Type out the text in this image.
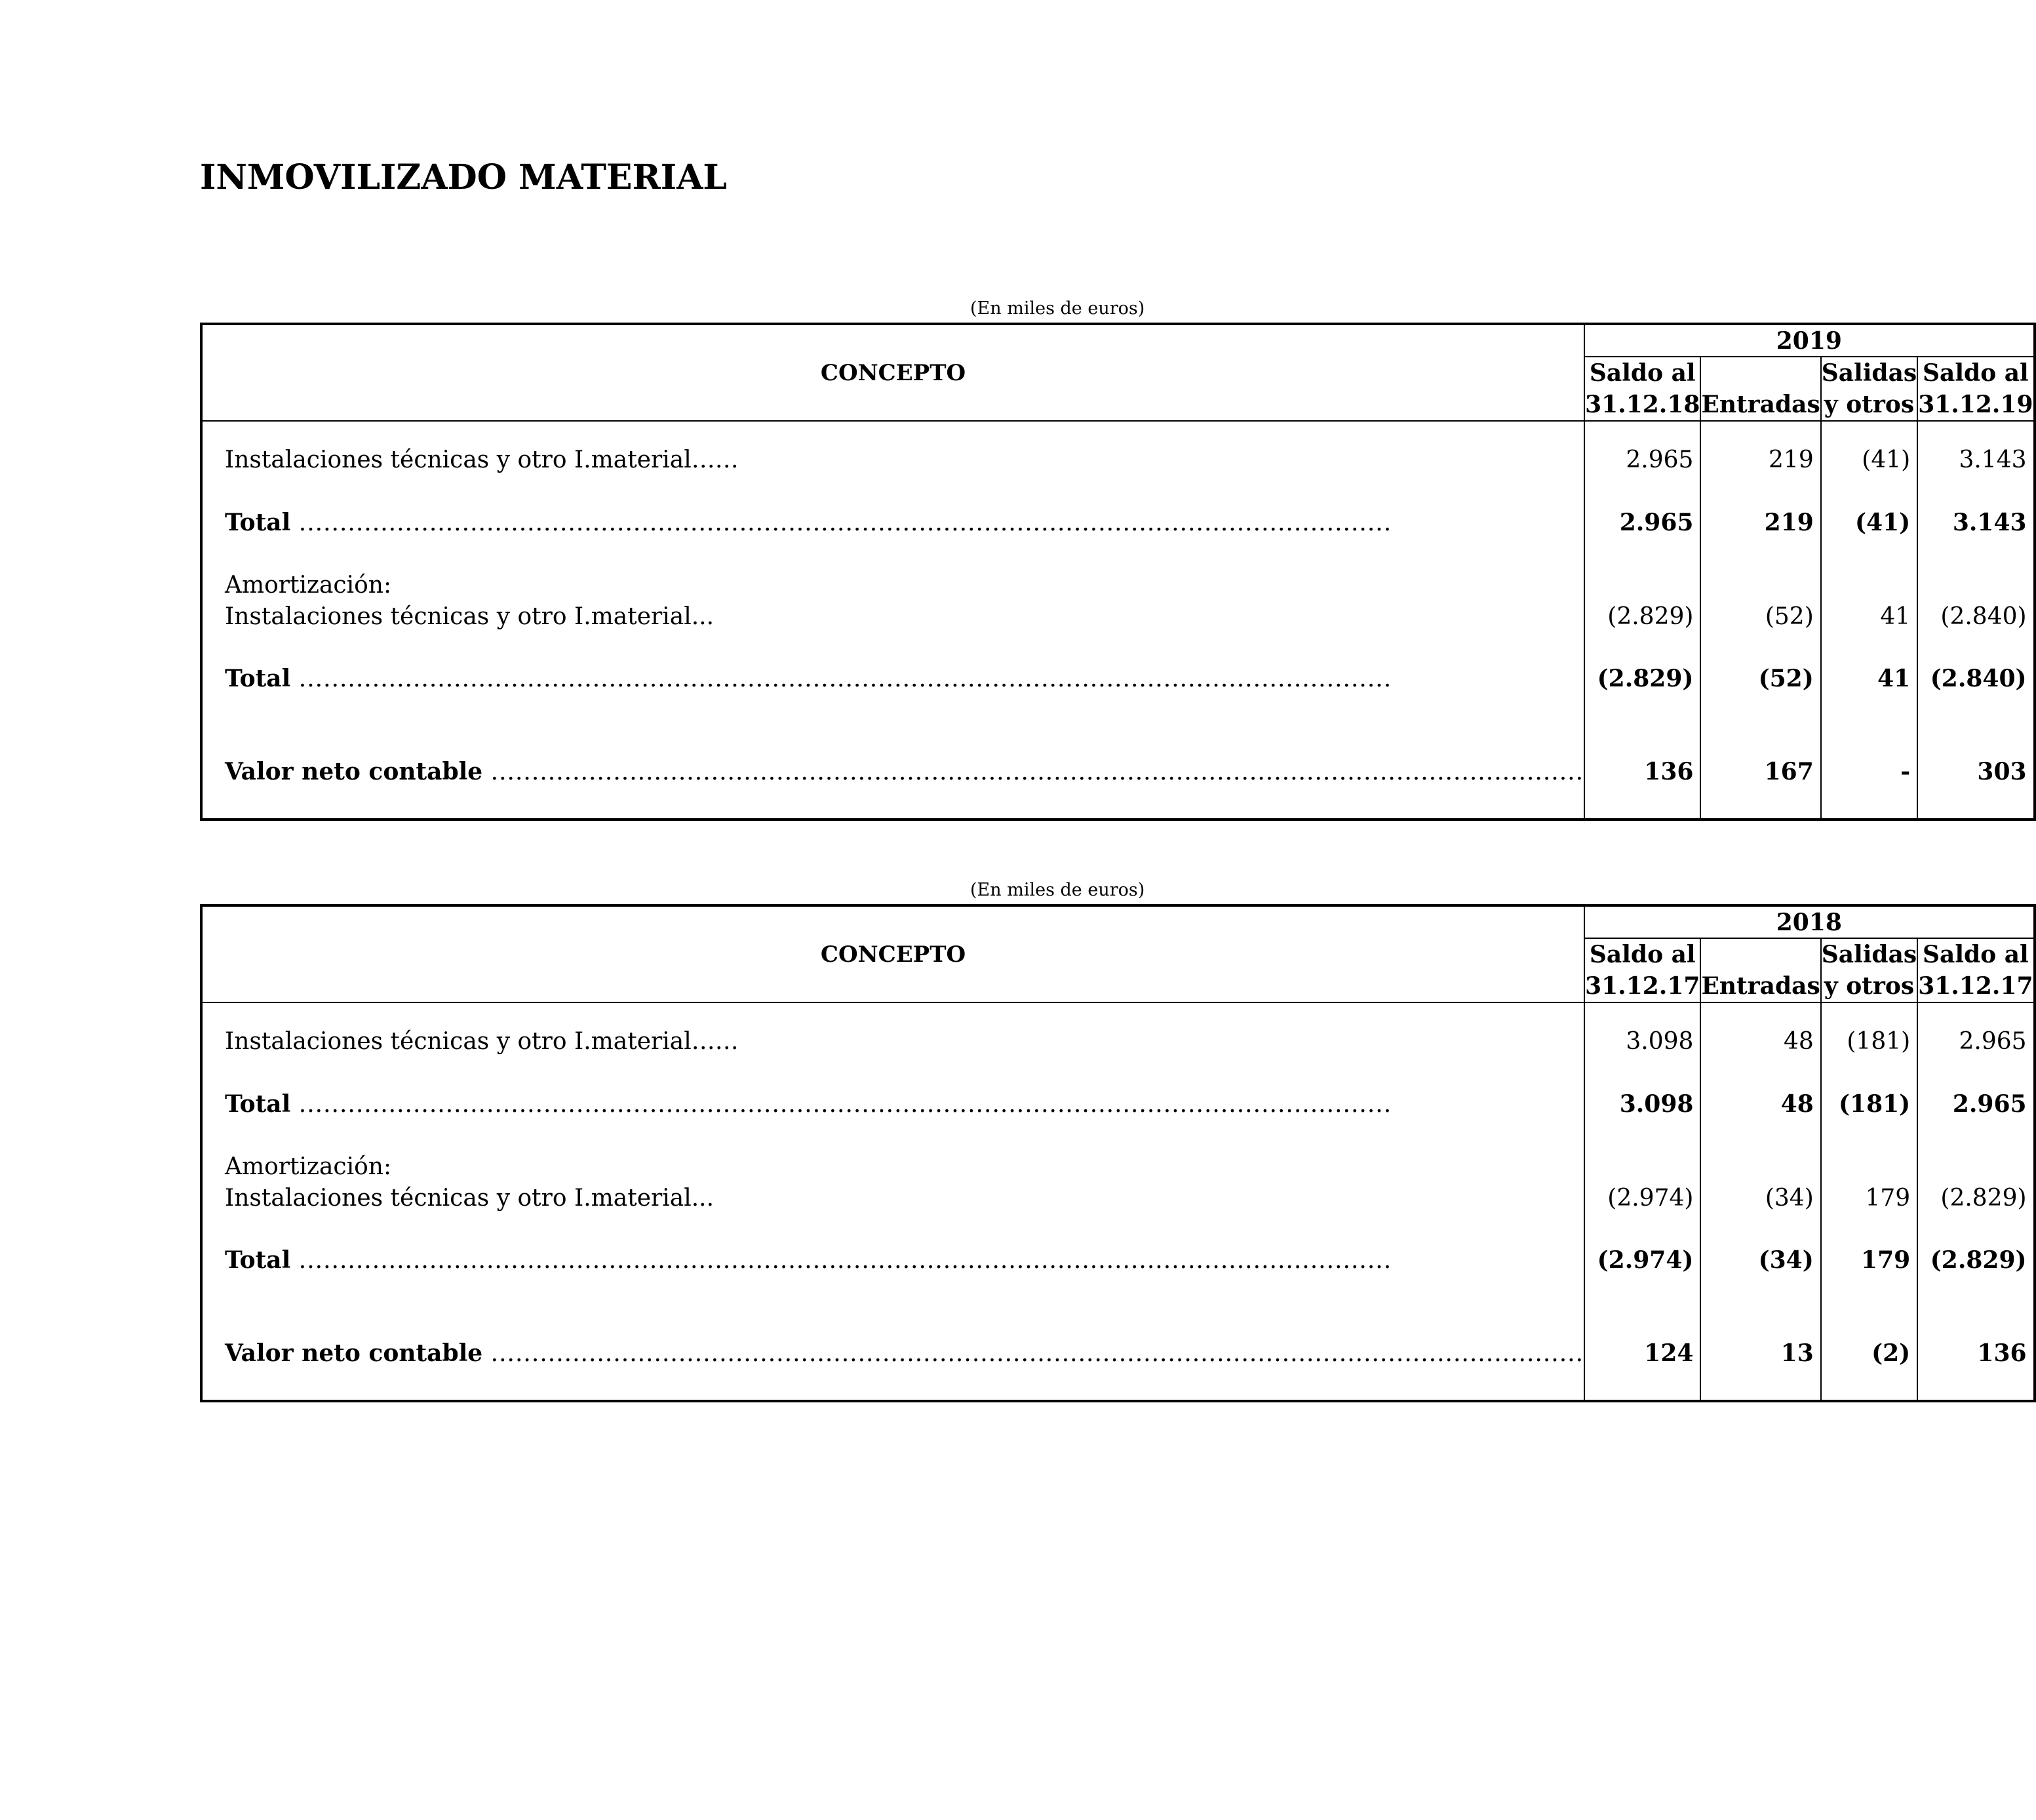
INMOVILIZADO MATERIAL
(En miles de euros)
CONCEPTO	2019			
	Saldo al		Salidas	Saldo al
	31.12.18	Entradas	y otros	31.12.19

Instalaciones técnicas y otro I.material……	2.965	219	(41)	3.143

Total .....	2.965	219	(41)	3.143

Amortización:				
Instalaciones técnicas y otro I.material...	(2.829)	(52)	41	(2.840)

Total .....	(2.829)	(52)	41	(2.840)

Valor neto contable .....	136	167	-	303

(En miles de euros)
CONCEPTO	2018			
	Saldo al		Salidas	Saldo al
	31.12.17	Entradas	y otros	31.12.17

Instalaciones técnicas y otro I.material……	3.098	48	(181)	2.965

Total .....	3.098	48	(181)	2.965

Amortización:				
Instalaciones técnicas y otro I.material...	(2.974)	(34)	179	(2.829)

Total .....	(2.974)	(34)	179	(2.829)

Valor neto contable .....	124	13	(2)	136
